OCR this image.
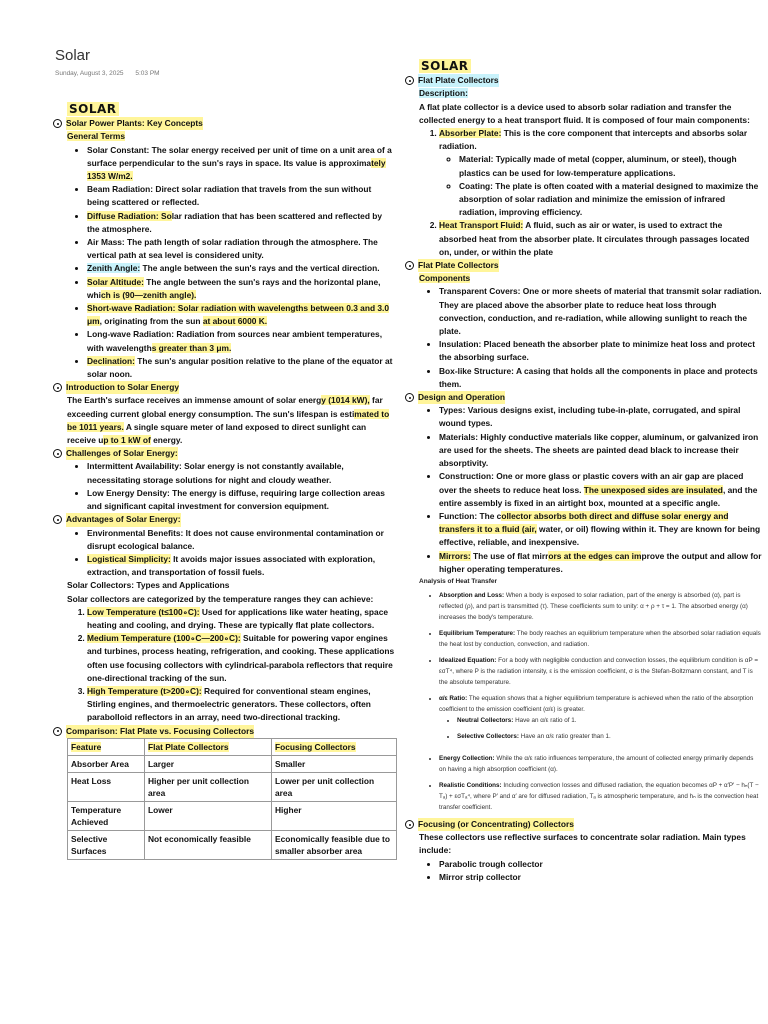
Solar
Sunday, August 3, 2025 5:03 PM
SOLAR
Solar Power Plants: Key Concepts
General Terms
• Solar Constant: The solar energy received per unit of time on a unit area of a surface perpendicular to the sun's rays in space. Its value is approximately 1353 W/m2.
• Beam Radiation: Direct solar radiation that travels from the sun without being scattered or reflected.
• Diffuse Radiation: Solar radiation that has been scattered and reflected by the atmosphere.
• Air Mass: The path length of solar radiation through the atmosphere. The vertical path at sea level is considered unity.
• Zenith Angle: The angle between the sun's rays and the vertical direction.
• Solar Altitude: The angle between the sun's rays and the horizontal plane, which is (90—zenith angle).
• Short-wave Radiation: Solar radiation with wavelengths between 0.3 and 3.0 μm, originating from the sun at about 6000 K.
• Long-wave Radiation: Radiation from sources near ambient temperatures, with wavelengths greater than 3 μm.
• Declination: The sun's angular position relative to the plane of the equator at solar noon.
Introduction to Solar Energy

The Earth's surface receives an immense amount of solar energy (1014 kW), far exceeding current global energy consumption. The sun's lifespan is estimated to be 1011 years. A single square meter of land exposed to direct sunlight can receive up to 1 kW of energy.

Challenges of Solar Energy:
• Intermittent Availability: Solar energy is not constantly available, necessitating storage solutions for night and cloudy weather.
• Low Energy Density: The energy is diffuse, requiring large collection areas and significant capital investment for conversion equipment.
Advantages of Solar Energy:
• Environmental Benefits: It does not cause environmental contamination or disrupt ecological balance.
• Logistical Simplicity: It avoids major issues associated with exploration, extraction, and transportation of fossil fuels.

Solar Collectors: Types and Applications

Solar collectors are categorized by the temperature ranges they can achieve:

1. Low Temperature (t≤100∘C): Used for applications like water heating, space heating and cooling, and drying. These are typically flat plate collectors.
2. Medium Temperature (100∘C—200∘C): Suitable for powering vapor engines and turbines, process heating, refrigeration, and cooking. These applications often use focusing collectors with cylindrical-parabola reflectors that require one-directional tracking of the sun.
3. High Temperature (t>200∘C): Required for conventional steam engines, Stirling engines, and thermoelectric generators. These collectors, often parabolloid reflectors in an array, need two-directional tracking.
Comparison: Flat Plate vs. Focusing Collectors
Feature	Flat Plate Collectors	Focusing Collectors
Absorber Area	Larger	Smaller
Heat Loss	Higher per unit collection area	Lower per unit collection area
Temperature Achieved	Lower	Higher
Selective Surfaces	Not economically feasible	Economically feasible due to smaller absorber area
SOLAR
Flat Plate Collectors
Description:

A flat plate collector is a device used to absorb solar radiation and transfer the collected energy to a heat transport fluid. It is composed of four main components:

1. Absorber Plate: This is the core component that intercepts and absorbs solar radiation.
◦ Material: Typically made of metal (copper, aluminum, or steel), though plastics can be used for low-temperature applications.
◦ Coating: The plate is often coated with a material designed to maximize the absorption of solar radiation and minimize the emission of infrared radiation, improving efficiency.
2. Heat Transport Fluid: A fluid, such as air or water, is used to extract the absorbed heat from the absorber plate. It circulates through passages located on, under, or within the plate
Flat Plate Collectors
Components
• Transparent Covers: One or more sheets of material that transmit solar radiation. They are placed above the absorber plate to reduce heat loss through convection, conduction, and re-radiation, while allowing sunlight to reach the plate.
• Insulation: Placed beneath the absorber plate to minimize heat loss and protect the absorbing surface.
• Box-like Structure: A casing that holds all the components in place and protects them.
Design and Operation
• Types: Various designs exist, including tube-in-plate, corrugated, and spiral wound types.
• Materials: Highly conductive materials like copper, aluminum, or galvanized iron are used for the sheets. The sheets are painted dead black to increase their absorptivity.
• Construction: One or more glass or plastic covers with an air gap are placed over the sheets to reduce heat loss. The unexposed sides are insulated, and the entire assembly is fixed in an airtight box, mounted at a specific angle.
• Function: The collector absorbs both direct and diffuse solar energy and transfers it to a fluid (air, water, or oil) flowing within it. They are known for being effective, reliable, and inexpensive.
• Mirrors: The use of flat mirrors at the edges can improve the output and allow for higher operating temperatures.
Analysis of Heat Transfer
• Absorption and Loss: When a body is exposed to solar radiation, part of the energy is absorbed (α), part is reflected (ρ), and part is transmitted (τ). These coefficients sum to unity: α + ρ + τ = 1. The absorbed energy (α) increases the body's temperature.
• Equilibrium Temperature: The body reaches an equilibrium temperature when the absorbed solar radiation equals the heat lost by conduction, convection, and radiation.
• Idealized Equation: For a body with negligible conduction and convection losses, the equilibrium condition is αP = εσT⁴, where P is the radiation intensity, ε is the emission coefficient, σ is the Stefan-Boltzmann constant, and T is the absolute temperature.
• α/ε Ratio: The equation shows that a higher equilibrium temperature is achieved when the ratio of the absorption coefficient to the emission coefficient (α/ε) is greater.
• Neutral Collectors: Have an α/ε ratio of 1.
• Selective Collectors: Have an α/ε ratio greater than 1.
• Energy Collection: While the α/ε ratio influences temperature, the amount of collected energy primarily depends on having a high absorption coefficient (α).
• Realistic Conditions: Including convection losses and diffused radiation, the equation becomes αP + α′P′ − hₙ(T − Tₐ) + εσTₐ⁴, where P′ and α′ are for diffused radiation, Tₐ is atmospheric temperature, and hₙ is the convection heat transfer coefficient.
Focusing (or Concentrating) Collectors

These collectors use reflective surfaces to concentrate solar radiation. Main types include:

• Parabolic trough collector
• Mirror strip collector
